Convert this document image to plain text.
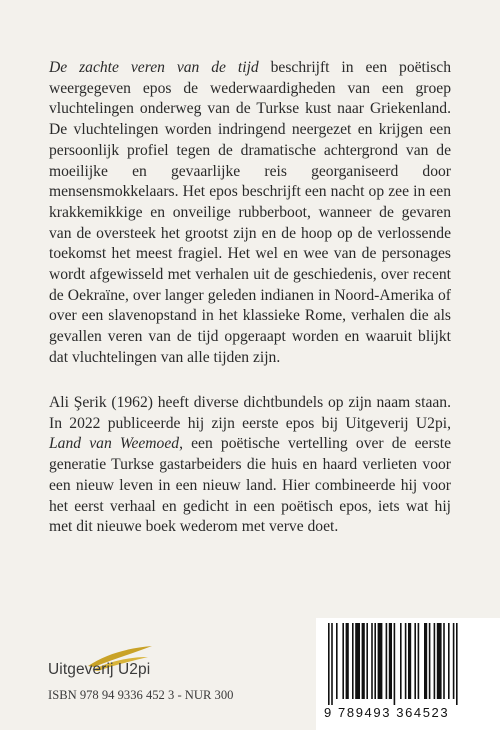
De zachte veren van de tijd beschrijft in een poëtisch weergegeven epos de wederwaardigheden van een groep vluchtelingen onderweg van de Turkse kust naar Griekenland. De vluchtelingen worden indringend neergezet en krijgen een persoonlijk profiel tegen de dramatische achtergrond van de moeilijke en gevaarlijke reis georganiseerd door mensensmokkelaars. Het epos beschrijft een nacht op zee in een krakkemikkige en onveilige rubberboot, wanneer de gevaren van de oversteek het grootst zijn en de hoop op de verlossende toekomst het meest fragiel. Het wel en wee van de personages wordt afgewisseld met verhalen uit de geschiedenis, over recent de Oekraïne, over langer geleden indianen in Noord-Amerika of over een slavenopstand in het klassieke Rome, verhalen die als gevallen veren van de tijd opgeraapt worden en waaruit blijkt dat vluchtelingen van alle tijden zijn.

Ali Şerik (1962) heeft diverse dichtbundels op zijn naam staan. In 2022 publiceerde hij zijn eerste epos bij Uitgeverij U2pi, Land van Weemoed, een poëtische vertelling over de eerste generatie Turkse gastarbeiders die huis en haard verlieten voor een nieuw leven in een nieuw land. Hier combineerde hij voor het eerst verhaal en gedicht in een poëtisch epos, iets wat hij met dit nieuwe boek wederom met verve doet.

Uitgeverij U2pi
ISBN 978 94 9336 452 3 - NUR 300
9 789493 364523
